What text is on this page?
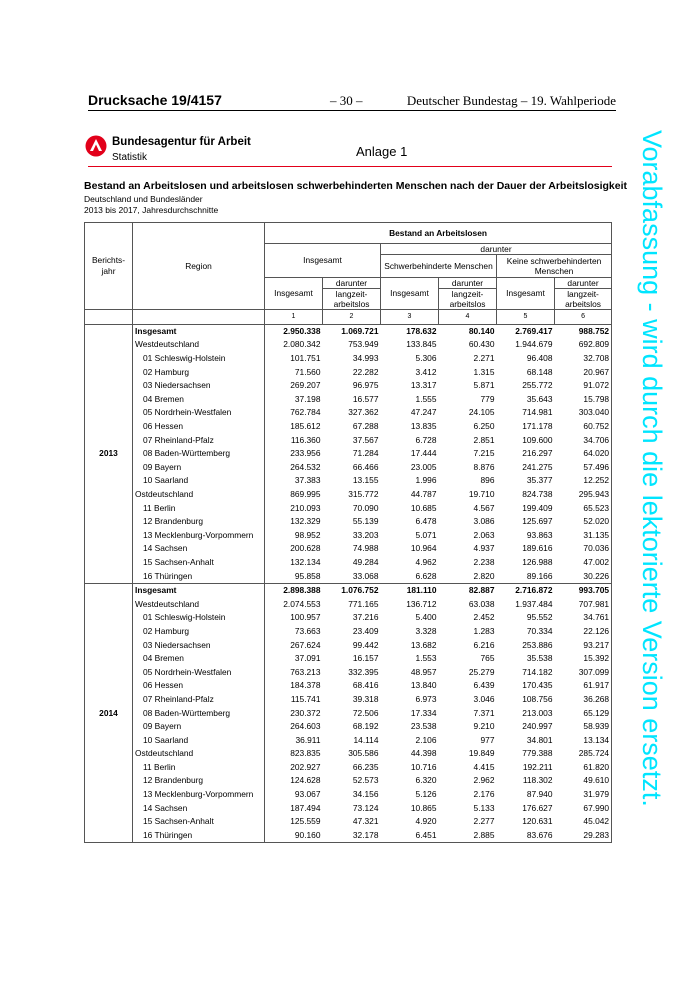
Drucksache 19/4157	– 30 –	Deutscher Bundestag – 19. Wahlperiode
Bundesagentur für Arbeit
Statistik	Anlage 1
Bestand an Arbeitslosen und arbeitslosen schwerbehinderten Menschen nach der Dauer der Arbeitslosigkeit
Deutschland und Bundesländer
2013 bis 2017, Jahresdurchschnitte	Vorabfassung - wird durch die lektorierte Version ersetzt.
Berichts-jahr	Region	Bestand an Arbeitslosen					
		Insgesamt		darunter			
				Schwerbehinderte Menschen		Keine schwerbehinderten Menschen	
		Insgesamt	darunter	Insgesamt	darunter	Insgesamt	darunter
			langzeit-arbeitslos		langzeit-arbeitslos		langzeit-arbeitslos
		1	2	3	4	5	6
2013	Insgesamt	2.950.338	1.069.721	178.632	80.140	2.769.417	988.752
	Westdeutschland	2.080.342	753.949	133.845	60.430	1.944.679	692.809
	01 Schleswig-Holstein	101.751	34.993	5.306	2.271	96.408	32.708
	02 Hamburg	71.560	22.282	3.412	1.315	68.148	20.967
	03 Niedersachsen	269.207	96.975	13.317	5.871	255.772	91.072
	04 Bremen	37.198	16.577	1.555	779	35.643	15.798
	05 Nordrhein-Westfalen	762.784	327.362	47.247	24.105	714.981	303.040
	06 Hessen	185.612	67.288	13.835	6.250	171.178	60.752
	07 Rheinland-Pfalz	116.360	37.567	6.728	2.851	109.600	34.706
	08 Baden-Württemberg	233.956	71.284	17.444	7.215	216.297	64.020
	09 Bayern	264.532	66.466	23.005	8.876	241.275	57.496
	10 Saarland	37.383	13.155	1.996	896	35.377	12.252
	Ostdeutschland	869.995	315.772	44.787	19.710	824.738	295.943
	11 Berlin	210.093	70.090	10.685	4.567	199.409	65.523
	12 Brandenburg	132.329	55.139	6.478	3.086	125.697	52.020
	13 Mecklenburg-Vorpommern	98.952	33.203	5.071	2.063	93.863	31.135
	14 Sachsen	200.628	74.988	10.964	4.937	189.616	70.036
	15 Sachsen-Anhalt	132.134	49.284	4.962	2.238	126.988	47.002
	16 Thüringen	95.858	33.068	6.628	2.820	89.166	30.226
2014	Insgesamt	2.898.388	1.076.752	181.110	82.887	2.716.872	993.705
	Westdeutschland	2.074.553	771.165	136.712	63.038	1.937.484	707.981
	01 Schleswig-Holstein	100.957	37.216	5.400	2.452	95.552	34.761
	02 Hamburg	73.663	23.409	3.328	1.283	70.334	22.126
	03 Niedersachsen	267.624	99.442	13.682	6.216	253.886	93.217
	04 Bremen	37.091	16.157	1.553	765	35.538	15.392
	05 Nordrhein-Westfalen	763.213	332.395	48.957	25.279	714.182	307.099
	06 Hessen	184.378	68.416	13.840	6.439	170.435	61.917
	07 Rheinland-Pfalz	115.741	39.318	6.973	3.046	108.756	36.268
	08 Baden-Württemberg	230.372	72.506	17.334	7.371	213.003	65.129
	09 Bayern	264.603	68.192	23.538	9.210	240.997	58.939
	10 Saarland	36.911	14.114	2.106	977	34.801	13.134
	Ostdeutschland	823.835	305.586	44.398	19.849	779.388	285.724
	11 Berlin	202.927	66.235	10.716	4.415	192.211	61.820
	12 Brandenburg	124.628	52.573	6.320	2.962	118.302	49.610
	13 Mecklenburg-Vorpommern	93.067	34.156	5.126	2.176	87.940	31.979
	14 Sachsen	187.494	73.124	10.865	5.133	176.627	67.990
	15 Sachsen-Anhalt	125.559	47.321	4.920	2.277	120.631	45.042
	16 Thüringen	90.160	32.178	6.451	2.885	83.676	29.283
